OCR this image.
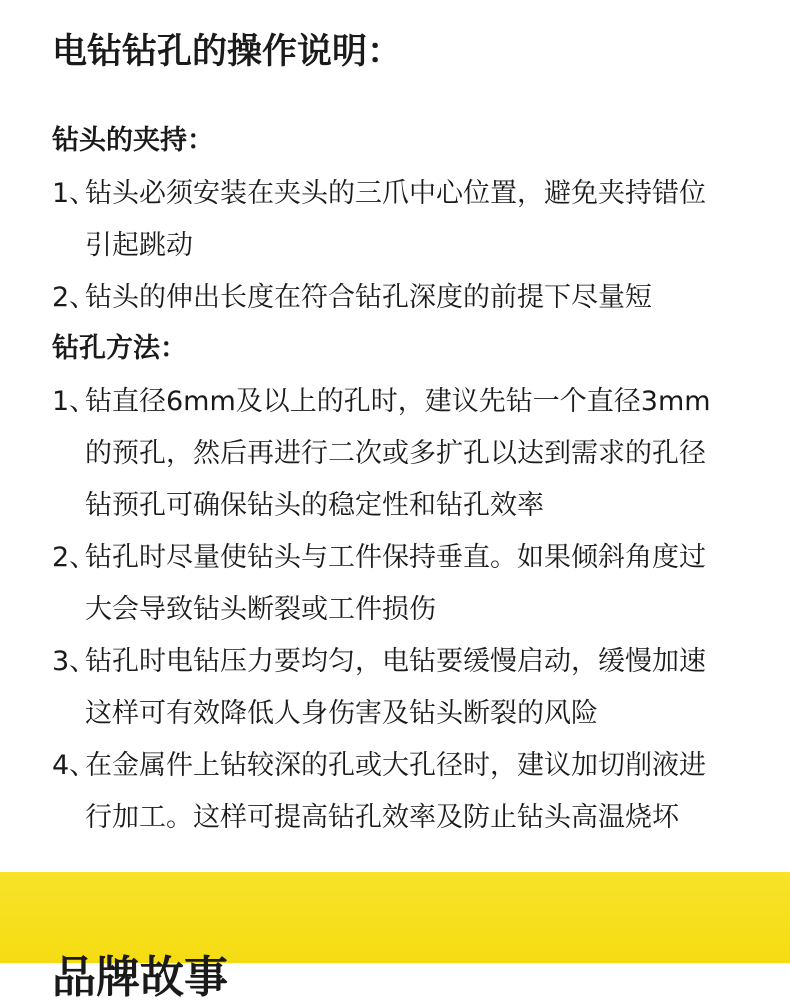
电钻钻孔的操作说明：
钻头的夹持：
1、钻头必须安装在夹头的三爪中心位置，避免夹持错位
引起跳动
2、钻头的伸出长度在符合钻孔深度的前提下尽量短
钻孔方法：
1、钻直径6mm及以上的孔时，建议先钻一个直径3mm
的预孔，然后再进行二次或多扩孔以达到需求的孔径
钻预孔可确保钻头的稳定性和钻孔效率
2、钻孔时尽量使钻头与工件保持垂直。如果倾斜角度过
大会导致钻头断裂或工件损伤
3、钻孔时电钻压力要均匀，电钻要缓慢启动，缓慢加速
这样可有效降低人身伤害及钻头断裂的风险
4、在金属件上钻较深的孔或大孔径时，建议加切削液进
行加工。这样可提高钻孔效率及防止钻头高温烧坏
品牌故事
